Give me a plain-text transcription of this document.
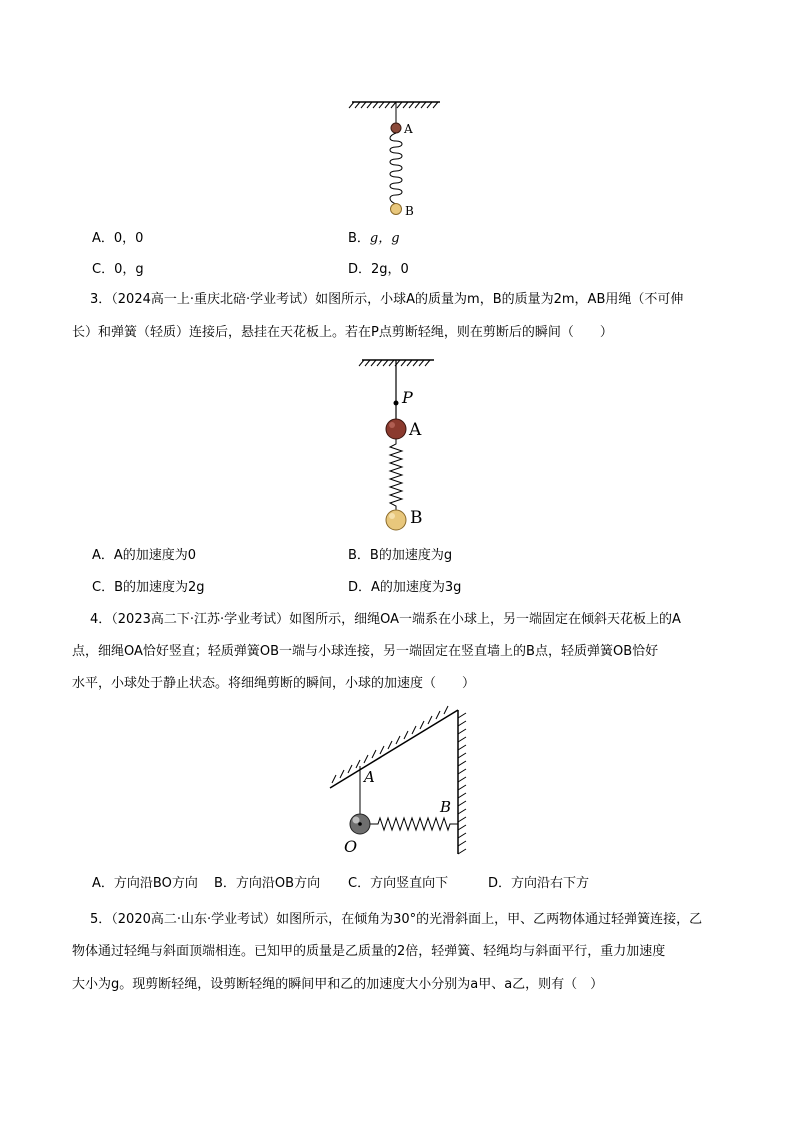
A
B
A．0，0	B．g，g
C．0，g	D．2g，0
3．（2024高一上·重庆北碚·学业考试）如图所示，小球A的质量为m，B的质量为2m，AB用绳（不可伸
长）和弹簧（轻质）连接后，悬挂在天花板上。若在P点剪断轻绳，则在剪断后的瞬间（　　）
P
A
B
A．A的加速度为0	B．B的加速度为g
C．B的加速度为2g	D．A的加速度为3g
4．（2023高二下·江苏·学业考试）如图所示，细绳OA一端系在小球上，另一端固定在倾斜天花板上的A
点，细绳OA恰好竖直；轻质弹簧OB一端与小球连接，另一端固定在竖直墙上的B点，轻质弹簧OB恰好
水平，小球处于静止状态。将细绳剪断的瞬间，小球的加速度（　　）
A
B
O
A．方向沿BO方向 B．方向沿OB方向 C．方向竖直向下	D．方向沿右下方
5．（2020高二·山东·学业考试）如图所示，在倾角为30°的光滑斜面上，甲、乙两物体通过轻弹簧连接，乙
物体通过轻绳与斜面顶端相连。已知甲的质量是乙质量的2倍，轻弹簧、轻绳均与斜面平行，重力加速度
大小为g。现剪断轻绳，设剪断轻绳的瞬间甲和乙的加速度大小分别为a甲、a乙，则有（　）
